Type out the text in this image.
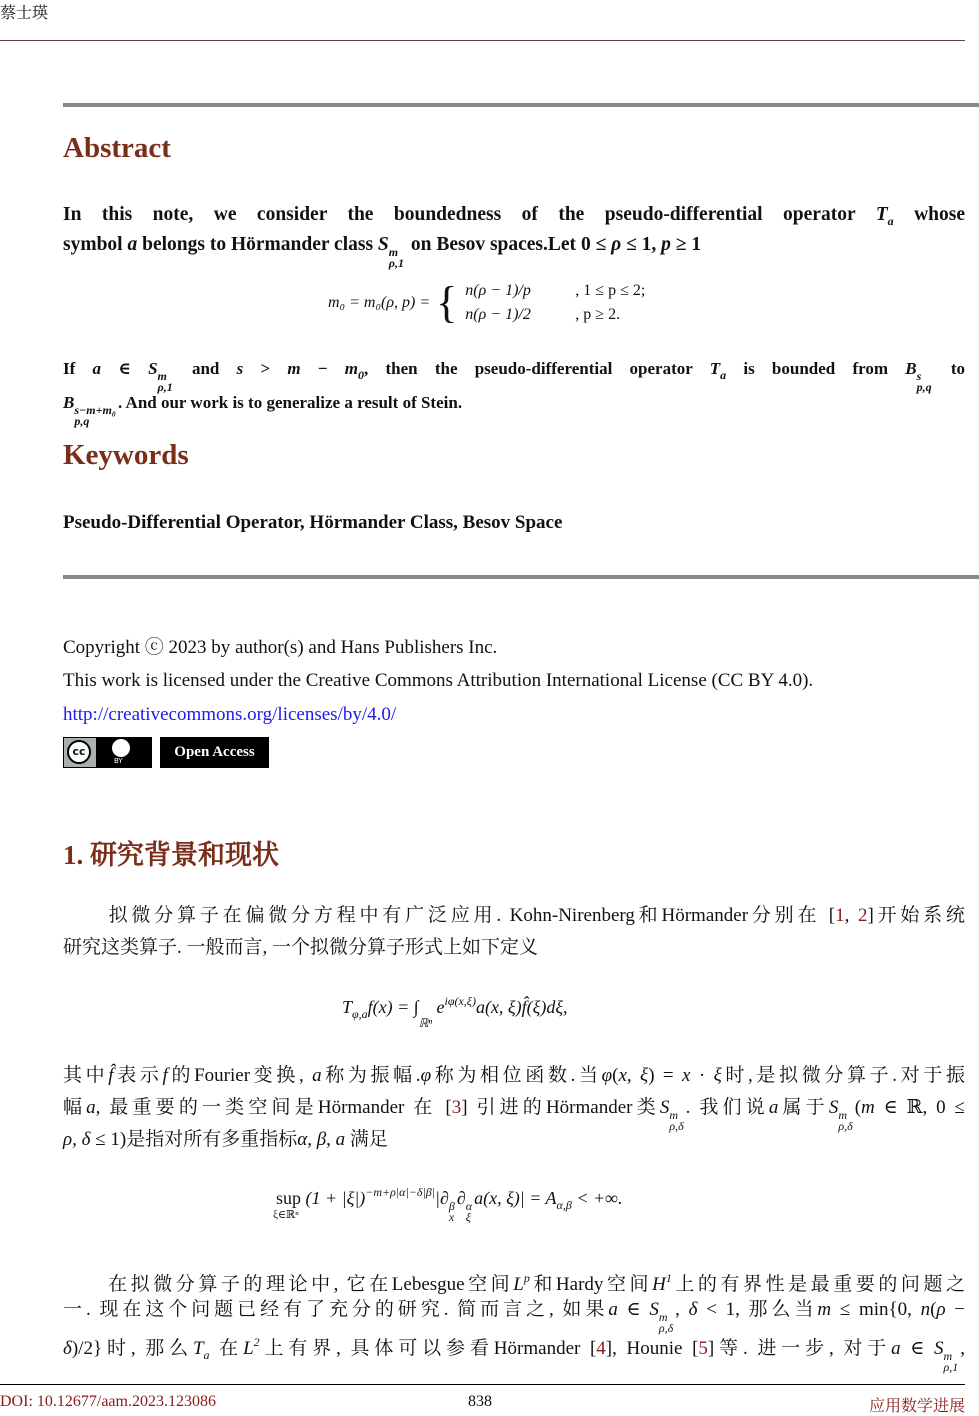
蔡士瑛
Abstract
In this note, we consider the boundedness of the pseudo-differential operator $T_a$ whose
symbol a belongs to Hörmander class S m
ρ,1
on Besov spaces.Let 0 ≤ ρ ≤ 1, p ≥ 1
m₀ = m₀(ρ, p) = { n(ρ − 1)/p	, 1 ≤ p ≤ 2;
n(ρ − 1)/2	, p ≥ 2.
If a ∈ S m
ρ,1
and $s > m - m_0$, then the pseudo-differential operator $T_a$ is bounded from B s
p,q
to
B s−m+m₀
p,q
. And our work is to generalize a result of Stein.
Keywords
Pseudo-Differential Operator, Hörmander Class, Besov Space
Copyright ⓒ 2023 by author(s) and Hans Publishers Inc.
This work is licensed under the Creative Commons Attribution International License (CC BY 4.0).
http://creativecommons.org/licenses/by/4.0/
cc
BY
Open Access
1. 研究背景和现状
　　拟微分算子在偏微分方程中有广泛应用. Kohn-Nirenberg和Hörmander分别在 [1, 2]开始系统
研究这类算子. 一般而言, 一个拟微分算子形式上如下定义
$T_{\varphi,a}f(x) = \int_{ℝ^n}$ $e^{i\varphi(x,\xi)}a(x$, ξ)f̂(ξ)dξ,
其中f̂表示f的Fourier变换, a称为振幅.φ称为相位函数.当φ(x, ξ) = x · ξ时,是拟微分算子.对于振
幅a, 最重要的一类空间是Hörmander 在 [3] 引进的Hörmander类S m
ρ,δ
. 我们说a属于S m
ρ,δ
(m ∈ ℝ, 0 ≤
ρ, δ ≤ 1)是指对所有多重指标α, β, a 满足
sup
ξ∈ℝⁿ
$(1 + |\xi|)^{-m+\rho|\alpha|-\delta|\beta|}|\partial$ β
x
∂ α
ξ
a(x, $\xi)| = A_{\alpha,\beta}$ < +∞.
　　在拟微分算子的理论中, 它在Lebesgue空间$L^p$和Hardy空间$H^1$上的有界性是最重要的问题之
一. 现在这个问题已经有了充分的研究. 简而言之, 如果a ∈ S m
ρ,δ
, δ < 1, 那么当m ≤ min{0, n(ρ −
δ)/2}时, 那么$T_a$ 在$L^2$上有界, 具体可以参看Hörmander [4], Hounie [5]等. 进一步, 对于a ∈ S m
ρ,1
,
DOI: 10.12677/aam.2023.123086	838	应用数学进展
